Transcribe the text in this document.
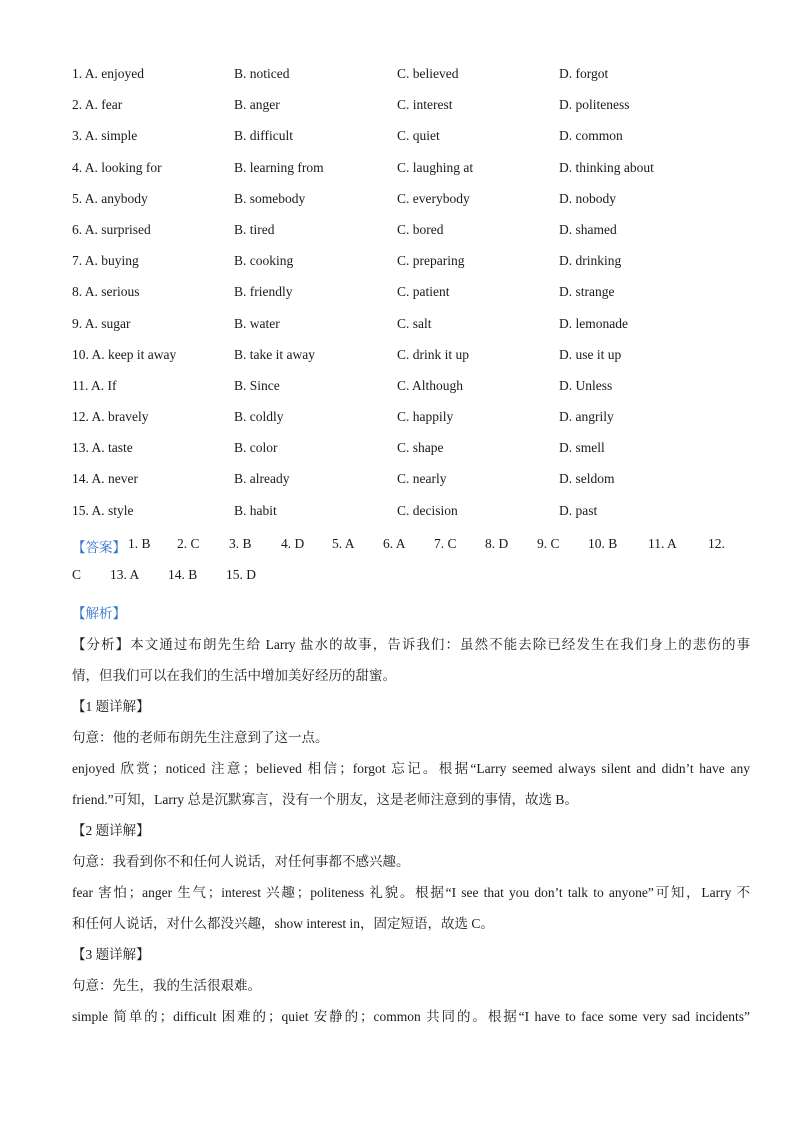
1. A. enjoyed	B. noticed	C. believed	D. forgot
2. A. fear	B. anger	C. interest	D. politeness
3. A. simple	B. difficult	C. quiet	D. common
4. A. looking for	B. learning from	C. laughing at	D. thinking about
5. A. anybody	B. somebody	C. everybody	D. nobody
6. A. surprised	B. tired	C. bored	D. shamed
7. A. buying	B. cooking	C. preparing	D. drinking
8. A. serious	B. friendly	C. patient	D. strange
9. A. sugar	B. water	C. salt	D. lemonade
10. A. keep it away	B. take it away	C. drink it up	D. use it up
11. A. If	B. Since	C. Although	D. Unless
12. A. bravely	B. coldly	C. happily	D. angrily
13. A. taste	B. color	C. shape	D. smell
14. A. never	B. already	C. nearly	D. seldom
15. A. style	B. habit	C. decision	D. past
【答案】 1. B 2. C 3. B 4. D 5. A 6. A 7. C 8. D 9. C 10. B 11. A 12.
C 13. A 14. B 15. D

【解析】

【分析】本文通过布朗先生给 Larry 盐水的故事，告诉我们：虽然不能去除已经发生在我们身上的悲伤的事

情，但我们可以在我们的生活中增加美好经历的甜蜜。

【1 题详解】

句意：他的老师布朗先生注意到了这一点。

enjoyed 欣赏；noticed 注意；believed 相信；forgot 忘记。根据“Larry seemed always silent and didn’t have any

friend.”可知，Larry 总是沉默寡言，没有一个朋友，这是老师注意到的事情，故选 B。

【2 题详解】

句意：我看到你不和任何人说话，对任何事都不感兴趣。

fear 害怕；anger 生气；interest 兴趣；politeness 礼貌。根据“I see that you don’t talk to anyone”可知，Larry 不

和任何人说话，对什么都没兴趣，show interest in，固定短语，故选 C。

【3 题详解】

句意：先生，我的生活很艰难。

simple 简单的；difficult 困难的；quiet 安静的；common 共同的。根据“I have to face some very sad incidents”
